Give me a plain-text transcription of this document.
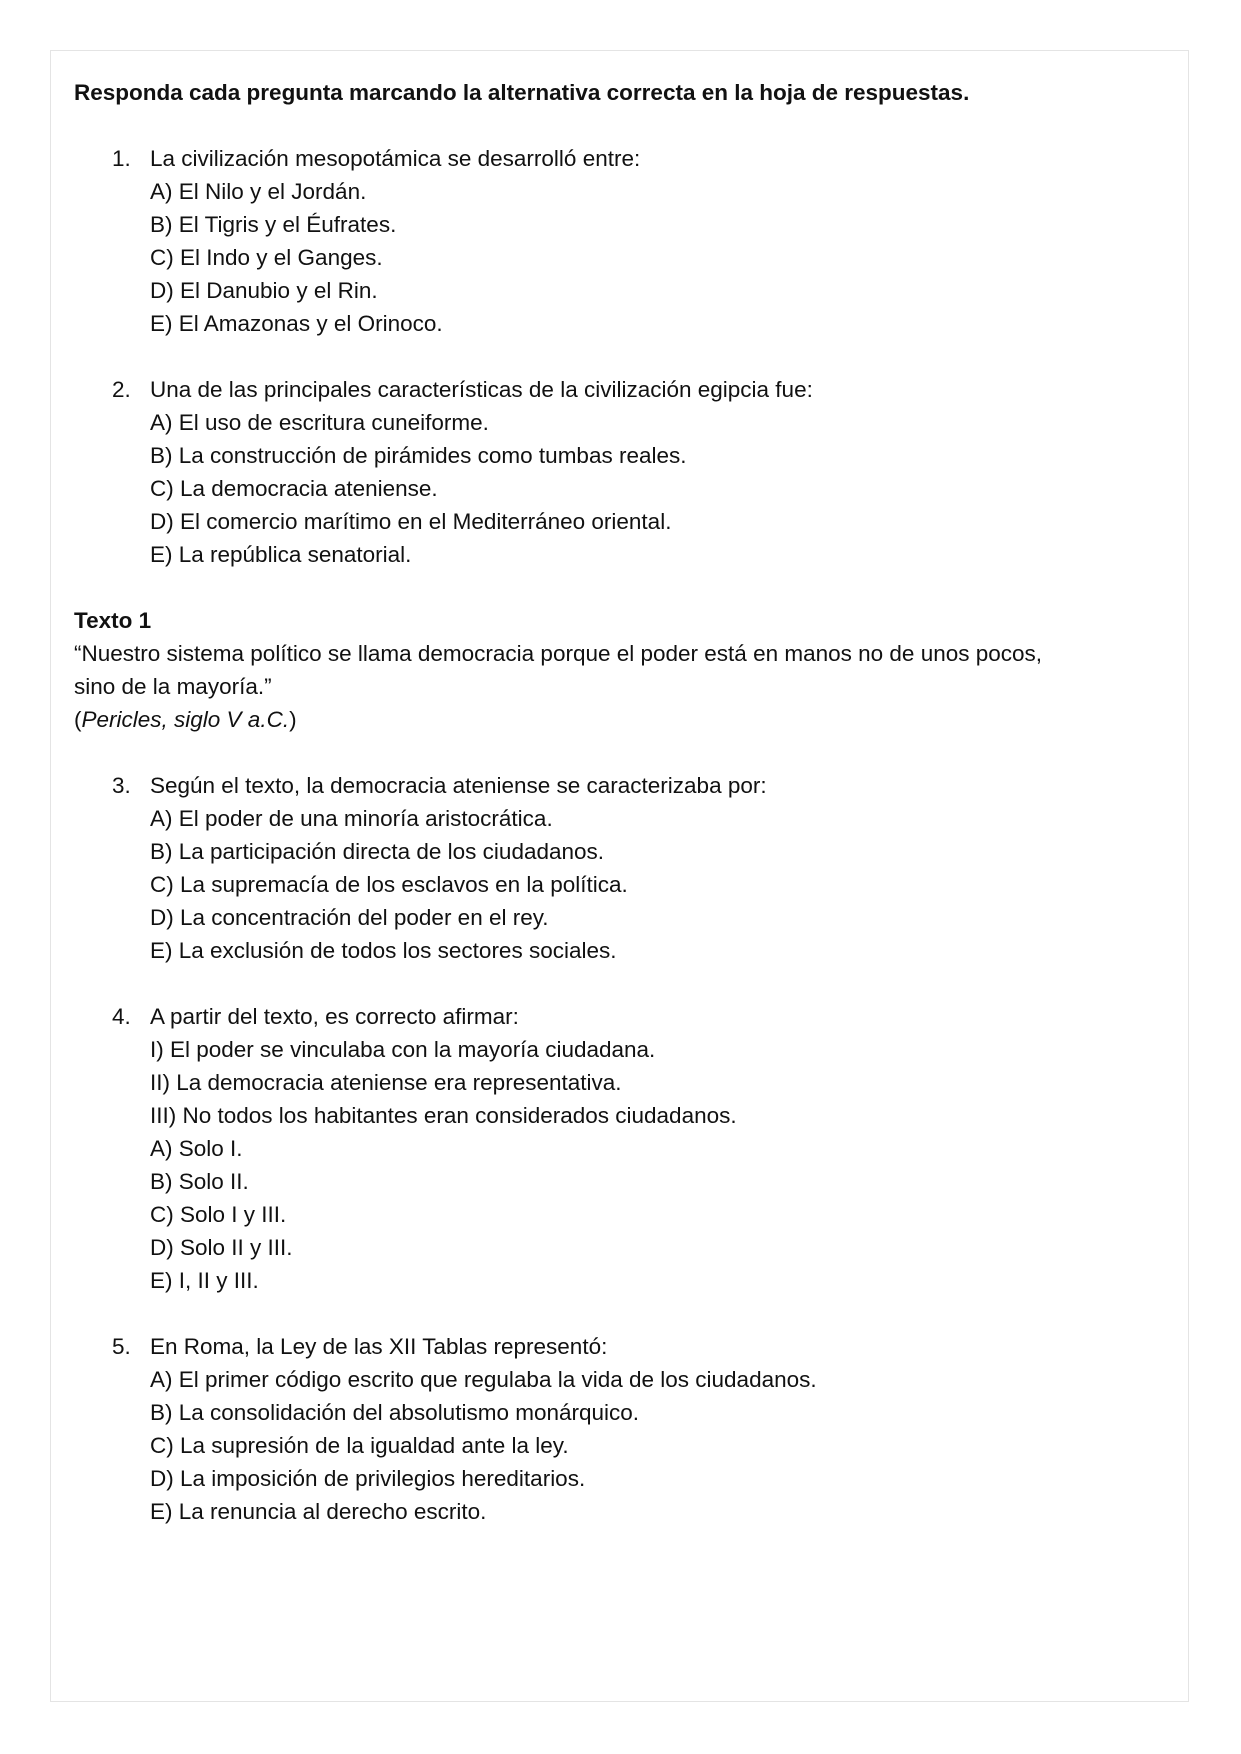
Responda cada pregunta marcando la alternativa correcta en la hoja de respuestas.
1. La civilización mesopotámica se desarrolló entre:
A) El Nilo y el Jordán.
B) El Tigris y el Éufrates.
C) El Indo y el Ganges.
D) El Danubio y el Rin.
E) El Amazonas y el Orinoco.
2. Una de las principales características de la civilización egipcia fue:
A) El uso de escritura cuneiforme.
B) La construcción de pirámides como tumbas reales.
C) La democracia ateniense.
D) El comercio marítimo en el Mediterráneo oriental.
E) La república senatorial.
Texto 1
“Nuestro sistema político se llama democracia porque el poder está en manos no de unos pocos,
sino de la mayoría.”
(Pericles, siglo V a.C.)
3. Según el texto, la democracia ateniense se caracterizaba por:
A) El poder de una minoría aristocrática.
B) La participación directa de los ciudadanos.
C) La supremacía de los esclavos en la política.
D) La concentración del poder en el rey.
E) La exclusión de todos los sectores sociales.
4. A partir del texto, es correcto afirmar:
I) El poder se vinculaba con la mayoría ciudadana.
II) La democracia ateniense era representativa.
III) No todos los habitantes eran considerados ciudadanos.
A) Solo I.
B) Solo II.
C) Solo I y III.
D) Solo II y III.
E) I, II y III.
5. En Roma, la Ley de las XII Tablas representó:
A) El primer código escrito que regulaba la vida de los ciudadanos.
B) La consolidación del absolutismo monárquico.
C) La supresión de la igualdad ante la ley.
D) La imposición de privilegios hereditarios.
E) La renuncia al derecho escrito.
